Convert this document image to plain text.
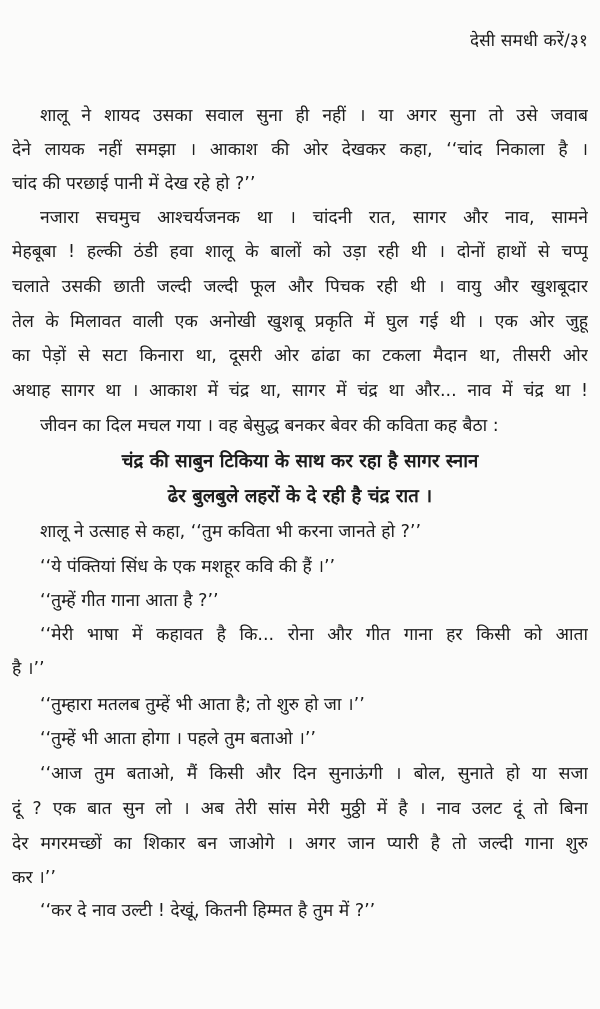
देसी समधी करें/३१
शालू ने शायद उसका सवाल सुना ही नहीं । या अगर सुना तो उसे जवाब
देने लायक नहीं समझा । आकाश की ओर देखकर कहा, ‘‘चांद निकाला है ।
चांद की परछाई पानी में देख रहे हो ?’’
नजारा सचमुच आश्चर्यजनक था । चांदनी रात, सागर और नाव, सामने
मेहबूबा ! हल्की ठंडी हवा शालू के बालों को उड़ा रही थी । दोनों हाथों से चप्पू
चलाते उसकी छाती जल्दी जल्दी फूल और पिचक रही थी । वायु और खुशबूदार
तेल के मिलावत वाली एक अनोखी खुशबू प्रकृति में घुल गई थी । एक ओर जुहू
का पेड़ों से सटा किनारा था, दूसरी ओर ढांढा का टकला मैदान था, तीसरी ओर
अथाह सागर था । आकाश में चंद्र था, सागर में चंद्र था और... नाव में चंद्र था !
जीवन का दिल मचल गया । वह बेसुद्ध बनकर बेवर की कविता कह बैठा :
चंद्र की साबुन टिकिया के साथ कर रहा है सागर स्नान
ढेर बुलबुले लहरों के दे रही है चंद्र रात ।
शालू ने उत्साह से कहा, ‘‘तुम कविता भी करना जानते हो ?’’
‘‘ये पंक्तियां सिंध के एक मशहूर कवि की हैं ।’’
‘‘तुम्हें गीत गाना आता है ?’’
‘‘मेरी भाषा में कहावत है कि... रोना और गीत गाना हर किसी को आता
है ।’’
‘‘तुम्हारा मतलब तुम्हें भी आता है; तो शुरु हो जा ।’’
‘‘तुम्हें भी आता होगा । पहले तुम बताओ ।’’
‘‘आज तुम बताओ, मैं किसी और दिन सुनाऊंगी । बोल, सुनाते हो या सजा
दूं ? एक बात सुन लो । अब तेरी सांस मेरी मुठ्ठी में है । नाव उलट दूं तो बिना
देर मगरमच्छों का शिकार बन जाओगे । अगर जान प्यारी है तो जल्दी गाना शुरु
कर ।’’
‘‘कर दे नाव उल्टी ! देखूं, कितनी हिम्मत है तुम में ?’’
